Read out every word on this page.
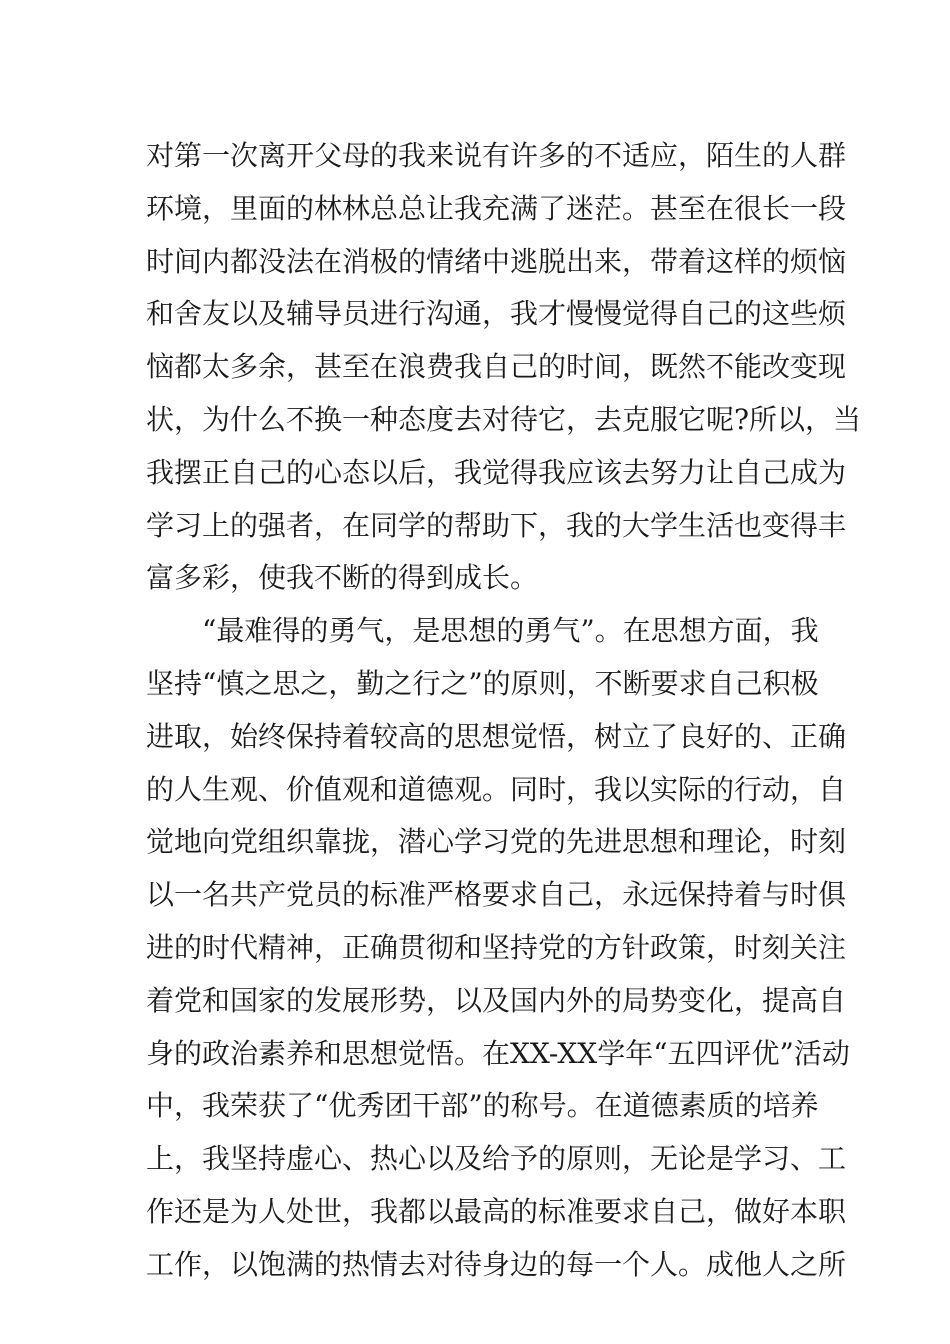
对第一次离开父母的我来说有许多的不适应，陌生的人群
环境，里面的林林总总让我充满了迷茫。甚至在很长一段
时间内都没法在消极的情绪中逃脱出来，带着这样的烦恼
和舍友以及辅导员进行沟通，我才慢慢觉得自己的这些烦
恼都太多余，甚至在浪费我自己的时间，既然不能改变现
状，为什么不换一种态度去对待它，去克服它呢?所以，当
我摆正自己的心态以后，我觉得我应该去努力让自己成为
学习上的强者，在同学的帮助下，我的大学生活也变得丰
富多彩，使我不断的得到成长。
“最难得的勇气，是思想的勇气”。在思想方面，我
坚持“慎之思之，勤之行之”的原则，不断要求自己积极
进取，始终保持着较高的思想觉悟，树立了良好的、正确
的人生观、价值观和道德观。同时，我以实际的行动，自
觉地向党组织靠拢，潜心学习党的先进思想和理论，时刻
以一名共产党员的标准严格要求自己，永远保持着与时俱
进的时代精神，正确贯彻和坚持党的方针政策，时刻关注
着党和国家的发展形势，以及国内外的局势变化，提高自
身的政治素养和思想觉悟。在XX-XX学年“五四评优”活动
中，我荣获了“优秀团干部”的称号。在道德素质的培养
上，我坚持虚心、热心以及给予的原则，无论是学习、工
作还是为人处世，我都以最高的标准要求自己，做好本职
工作，以饱满的热情去对待身边的每一个人。成他人之所
